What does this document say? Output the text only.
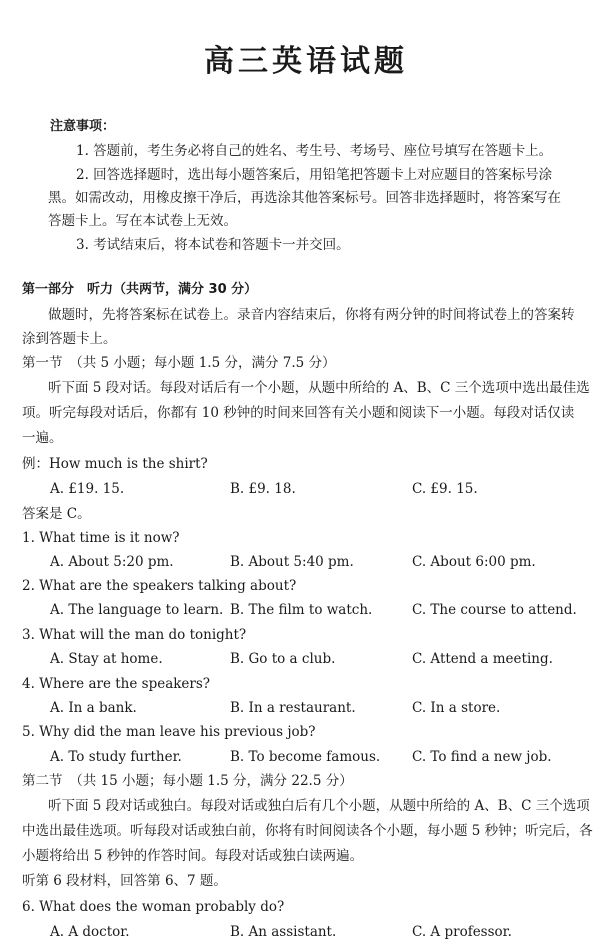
高三英语试题
注意事项：
1. 答题前，考生务必将自己的姓名、考生号、考场号、座位号填写在答题卡上。
2. 回答选择题时，选出每小题答案后，用铅笔把答题卡上对应题目的答案标号涂
黑。如需改动，用橡皮擦干净后，再选涂其他答案标号。回答非选择题时，将答案写在
答题卡上。写在本试卷上无效。
3. 考试结束后，将本试卷和答题卡一并交回。
第一部分　听力（共两节，满分 30 分）
做题时，先将答案标在试卷上。录音内容结束后，你将有两分钟的时间将试卷上的答案转
涂到答题卡上。
第一节　（共 5 小题；每小题 1.5 分，满分 7.5 分）
听下面 5 段对话。每段对话后有一个小题，从题中所给的 A、B、C 三个选项中选出最佳选
项。听完每段对话后，你都有 10 秒钟的时间来回答有关小题和阅读下一小题。每段对话仅读
一遍。
例：How much is the shirt?
A. £19. 15.	B. £9. 18.	C. £9. 15.
答案是 C。
1. What time is it now?
A. About 5:20 pm.	B. About 5:40 pm.	C. About 6:00 pm.
2. What are the speakers talking about?
A. The language to learn. B. The film to watch.	C. The course to attend.
3. What will the man do tonight?
A. Stay at home.	B. Go to a club.	C. Attend a meeting.
4. Where are the speakers?
A. In a bank.	B. In a restaurant.	C. In a store.
5. Why did the man leave his previous job?
A. To study further.	B. To become famous. C. To find a new job.
第二节　（共 15 小题；每小题 1.5 分，满分 22.5 分）
听下面 5 段对话或独白。每段对话或独白后有几个小题，从题中所给的 A、B、C 三个选项
中选出最佳选项。听每段对话或独白前，你将有时间阅读各个小题，每小题 5 秒钟；听完后，各
小题将给出 5 秒钟的作答时间。每段对话或独白读两遍。
听第 6 段材料，回答第 6、7 题。
6. What does the woman probably do?
A. A doctor.	B. An assistant.	C. A professor.
